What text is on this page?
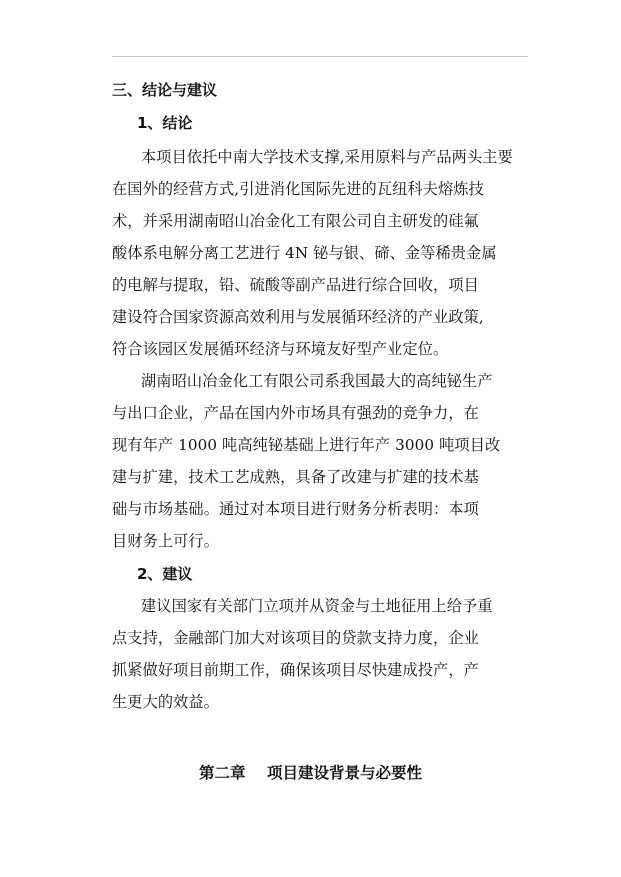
三、结论与建议
1、结论

本项目依托中南大学技术支撑,采用原料与产品两头主要
在国外的经营方式,引进消化国际先进的瓦纽科夫熔炼技
术，并采用湖南昭山冶金化工有限公司自主研发的硅氟
酸体系电解分离工艺进行 4N 铋与银、碲、金等稀贵金属
的电解与提取，铅、硫酸等副产品进行综合回收，项目
建设符合国家资源高效利用与发展循环经济的产业政策,
符合该园区发展循环经济与环境友好型产业定位。

湖南昭山冶金化工有限公司系我国最大的高纯铋生产
与出口企业，产品在国内外市场具有强劲的竞争力，在
现有年产 1000 吨高纯铋基础上进行年产 3000 吨项目改
建与扩建，技术工艺成熟，具备了改建与扩建的技术基
础与市场基础。通过对本项目进行财务分析表明：本项
目财务上可行。

2、建议

建议国家有关部门立项并从资金与土地征用上给予重
点支持，金融部门加大对该项目的贷款支持力度，企业
抓紧做好项目前期工作，确保该项目尽快建成投产，产
生更大的效益。

第二章    项目建设背景与必要性
